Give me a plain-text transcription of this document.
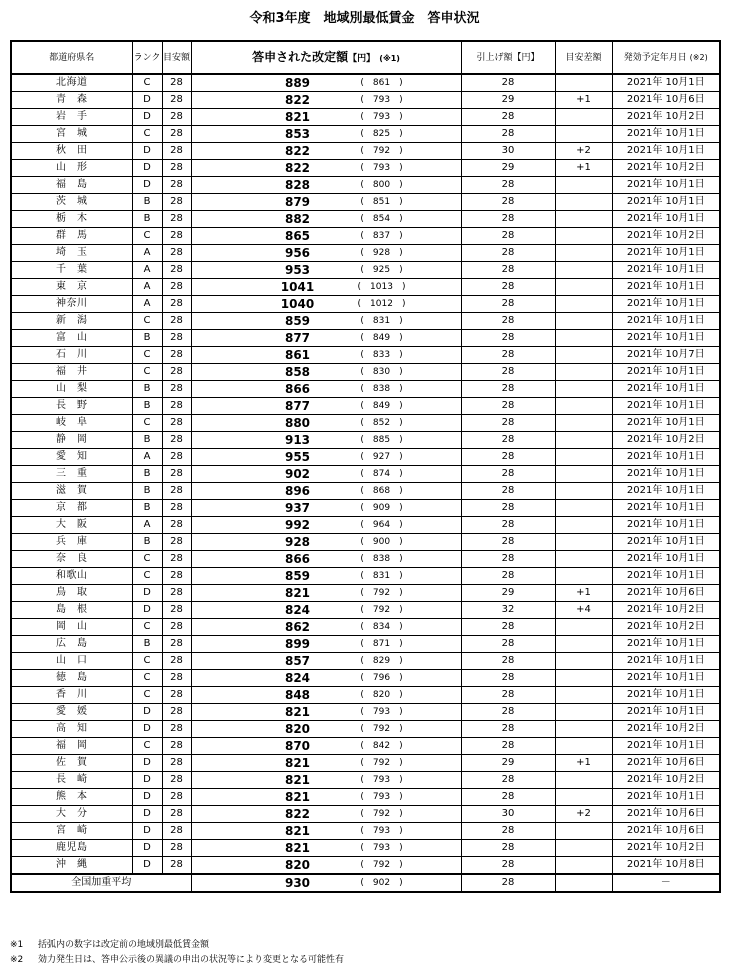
令和3年度　地域別最低賃金　答申状況
都道府県名	ランク	目安額	答申された改定額【円】 (※1)	引上げ額【円】	目安差額	発効予定年月日 (※2)
北海道	C	28	889 (　861　)	28		2021年 10月1日
青　森	D	28	822 (　793　)	29	+1	2021年 10月6日
岩　手	D	28	821 (　793　)	28		2021年 10月2日
宮　城	C	28	853 (　825　)	28		2021年 10月1日
秋　田	D	28	822 (　792　)	30	+2	2021年 10月1日
山　形	D	28	822 (　793　)	29	+1	2021年 10月2日
福　島	D	28	828 (　800　)	28		2021年 10月1日
茨　城	B	28	879 (　851　)	28		2021年 10月1日
栃　木	B	28	882 (　854　)	28		2021年 10月1日
群　馬	C	28	865 (　837　)	28		2021年 10月2日
埼　玉	A	28	956 (　928　)	28		2021年 10月1日
千　葉	A	28	953 (　925　)	28		2021年 10月1日
東　京	A	28	1041 (　1013　)	28		2021年 10月1日
神奈川	A	28	1040 (　1012　)	28		2021年 10月1日
新　潟	C	28	859 (　831　)	28		2021年 10月1日
富　山	B	28	877 (　849　)	28		2021年 10月1日
石　川	C	28	861 (　833　)	28		2021年 10月7日
福　井	C	28	858 (　830　)	28		2021年 10月1日
山　梨	B	28	866 (　838　)	28		2021年 10月1日
長　野	B	28	877 (　849　)	28		2021年 10月1日
岐　阜	C	28	880 (　852　)	28		2021年 10月1日
静　岡	B	28	913 (　885　)	28		2021年 10月2日
愛　知	A	28	955 (　927　)	28		2021年 10月1日
三　重	B	28	902 (　874　)	28		2021年 10月1日
滋　賀	B	28	896 (　868　)	28		2021年 10月1日
京　都	B	28	937 (　909　)	28		2021年 10月1日
大　阪	A	28	992 (　964　)	28		2021年 10月1日
兵　庫	B	28	928 (　900　)	28		2021年 10月1日
奈　良	C	28	866 (　838　)	28		2021年 10月1日
和歌山	C	28	859 (　831　)	28		2021年 10月1日
鳥　取	D	28	821 (　792　)	29	+1	2021年 10月6日
島　根	D	28	824 (　792　)	32	+4	2021年 10月2日
岡　山	C	28	862 (　834　)	28		2021年 10月2日
広　島	B	28	899 (　871　)	28		2021年 10月1日
山　口	C	28	857 (　829　)	28		2021年 10月1日
徳　島	C	28	824 (　796　)	28		2021年 10月1日
香　川	C	28	848 (　820　)	28		2021年 10月1日
愛　媛	D	28	821 (　793　)	28		2021年 10月1日
高　知	D	28	820 (　792　)	28		2021年 10月2日
福　岡	C	28	870 (　842　)	28		2021年 10月1日
佐　賀	D	28	821 (　792　)	29	+1	2021年 10月6日
長　崎	D	28	821 (　793　)	28		2021年 10月2日
熊　本	D	28	821 (　793　)	28		2021年 10月1日
大　分	D	28	822 (　792　)	30	+2	2021年 10月6日
宮　崎	D	28	821 (　793　)	28		2021年 10月6日
鹿児島	D	28	821 (　793　)	28		2021年 10月2日
沖　縄	D	28	820 (　792　)	28		2021年 10月8日
全国加重平均			930 (　902　)	28		－
※1 括弧内の数字は改定前の地域別最低賃金額
※2 効力発生日は、答申公示後の異議の申出の状況等により変更となる可能性有
